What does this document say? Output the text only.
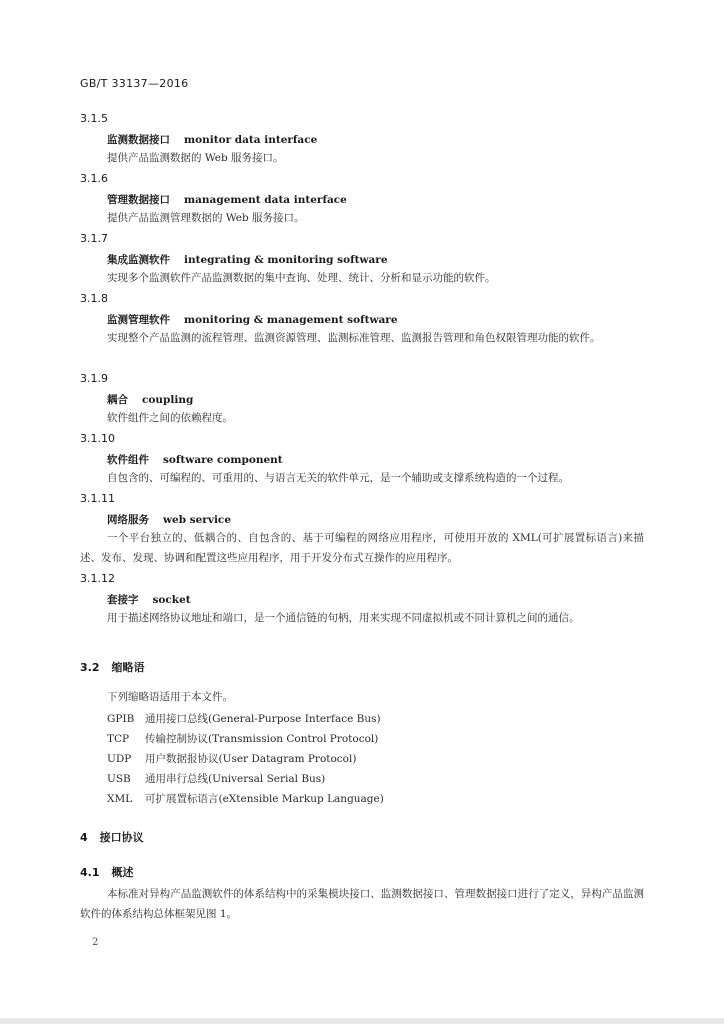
GB/T 33137—2016
3.1.5
监测数据接口 monitor data interface
提供产品监测数据的 Web 服务接口。
3.1.6
管理数据接口 management data interface
提供产品监测管理数据的 Web 服务接口。
3.1.7
集成监测软件 integrating & monitoring software
实现多个监测软件产品监测数据的集中查询、处理、统计、分析和显示功能的软件。
3.1.8
监测管理软件 monitoring & management software
实现整个产品监测的流程管理、监测资源管理、监测标准管理、监测报告管理和角色权限管理功能的软件。
3.1.9
耦合 coupling
软件组件之间的依赖程度。
3.1.10
软件组件 software component
自包含的、可编程的、可重用的、与语言无关的软件单元，是一个辅助或支撑系统构造的一个过程。
3.1.11
网络服务 web service
一个平台独立的、低耦合的、自包含的、基于可编程的网络应用程序，可使用开放的 XML(可扩展置标语言)来描述、发布、发现、协调和配置这些应用程序，用于开发分布式互操作的应用程序。
3.1.12
套接字 socket
用于描述网络协议地址和端口，是一个通信链的句柄，用来实现不同虚拟机或不同计算机之间的通信。
3.2 缩略语
下列缩略语适用于本文件。
GPIB 通用接口总线(General-Purpose Interface Bus)
TCP 传输控制协议(Transmission Control Protocol)
UDP 用户数据报协议(User Datagram Protocol)
USB 通用串行总线(Universal Serial Bus)
XML 可扩展置标语言(eXtensible Markup Language)
4 接口协议
4.1 概述
本标准对异构产品监测软件的体系结构中的采集模块接口、监测数据接口、管理数据接口进行了定义，异构产品监测软件的体系结构总体框架见图 1。
2
